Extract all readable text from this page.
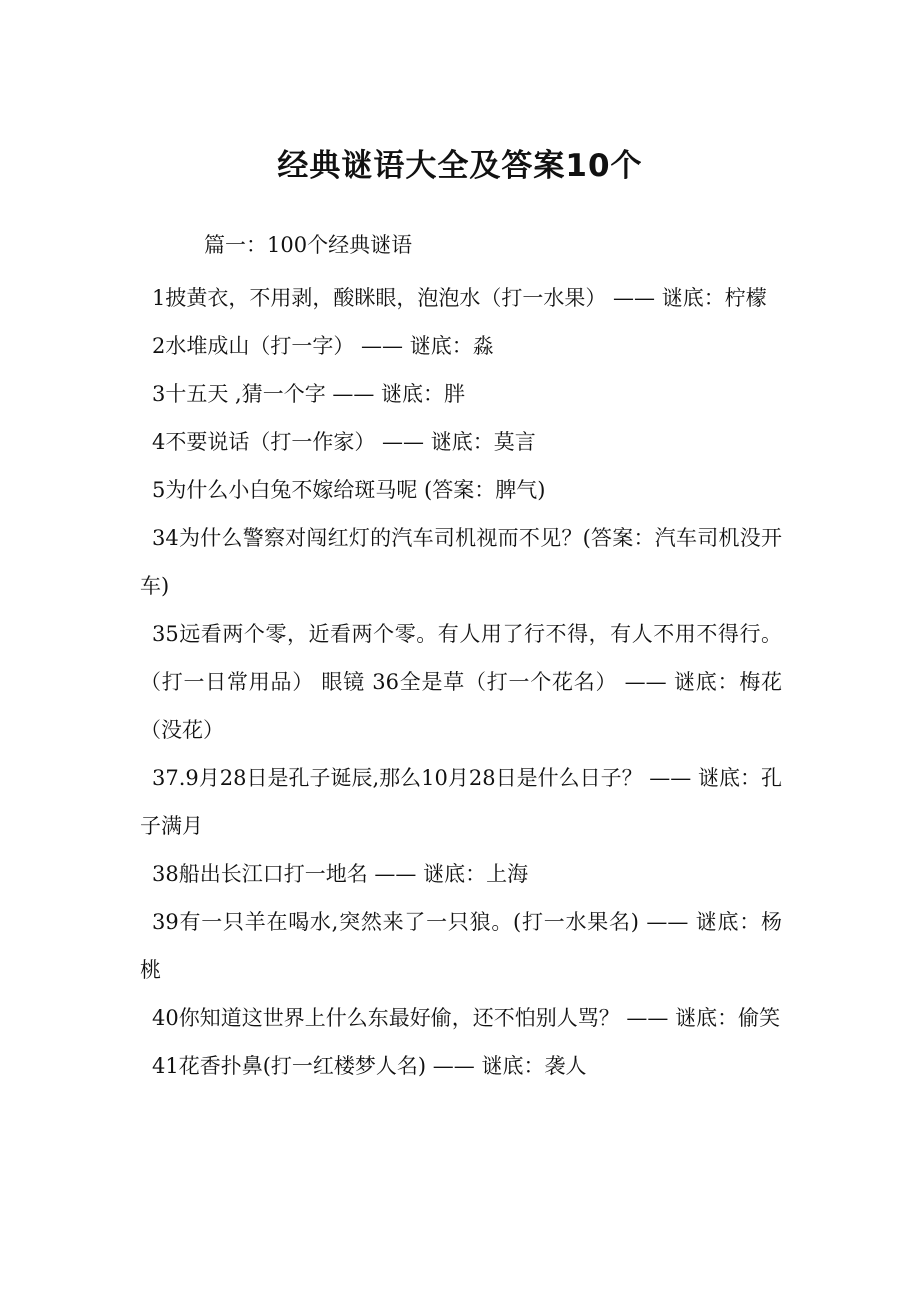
经典谜语大全及答案10个
篇一：100个经典谜语

1披黄衣，不用剥，酸眯眼，泡泡水（打一水果） —— 谜底：柠檬

2水堆成山（打一字） —— 谜底：淼

3十五天 ,猜一个字 —— 谜底：胖

4不要说话（打一作家） —— 谜底：莫言

5为什么小白兔不嫁给斑马呢 (答案：脾气)

34为什么警察对闯红灯的汽车司机视而不见？(答案：汽车司机没开车)

35远看两个零，近看两个零。有人用了行不得，有人不用不得行。（打一日常用品） 眼镜 36全是草（打一个花名） —— 谜底：梅花（没花）

37.9月28日是孔子诞辰,那么10月28日是什么日子？ —— 谜底：孔子满月

38船出长江口打一地名 —— 谜底：上海

39有一只羊在喝水,突然来了一只狼。(打一水果名) —— 谜底：杨桃

40你知道这世界上什么东最好偷，还不怕别人骂？ —— 谜底：偷笑

41花香扑鼻(打一红楼梦人名) —— 谜底：袭人
